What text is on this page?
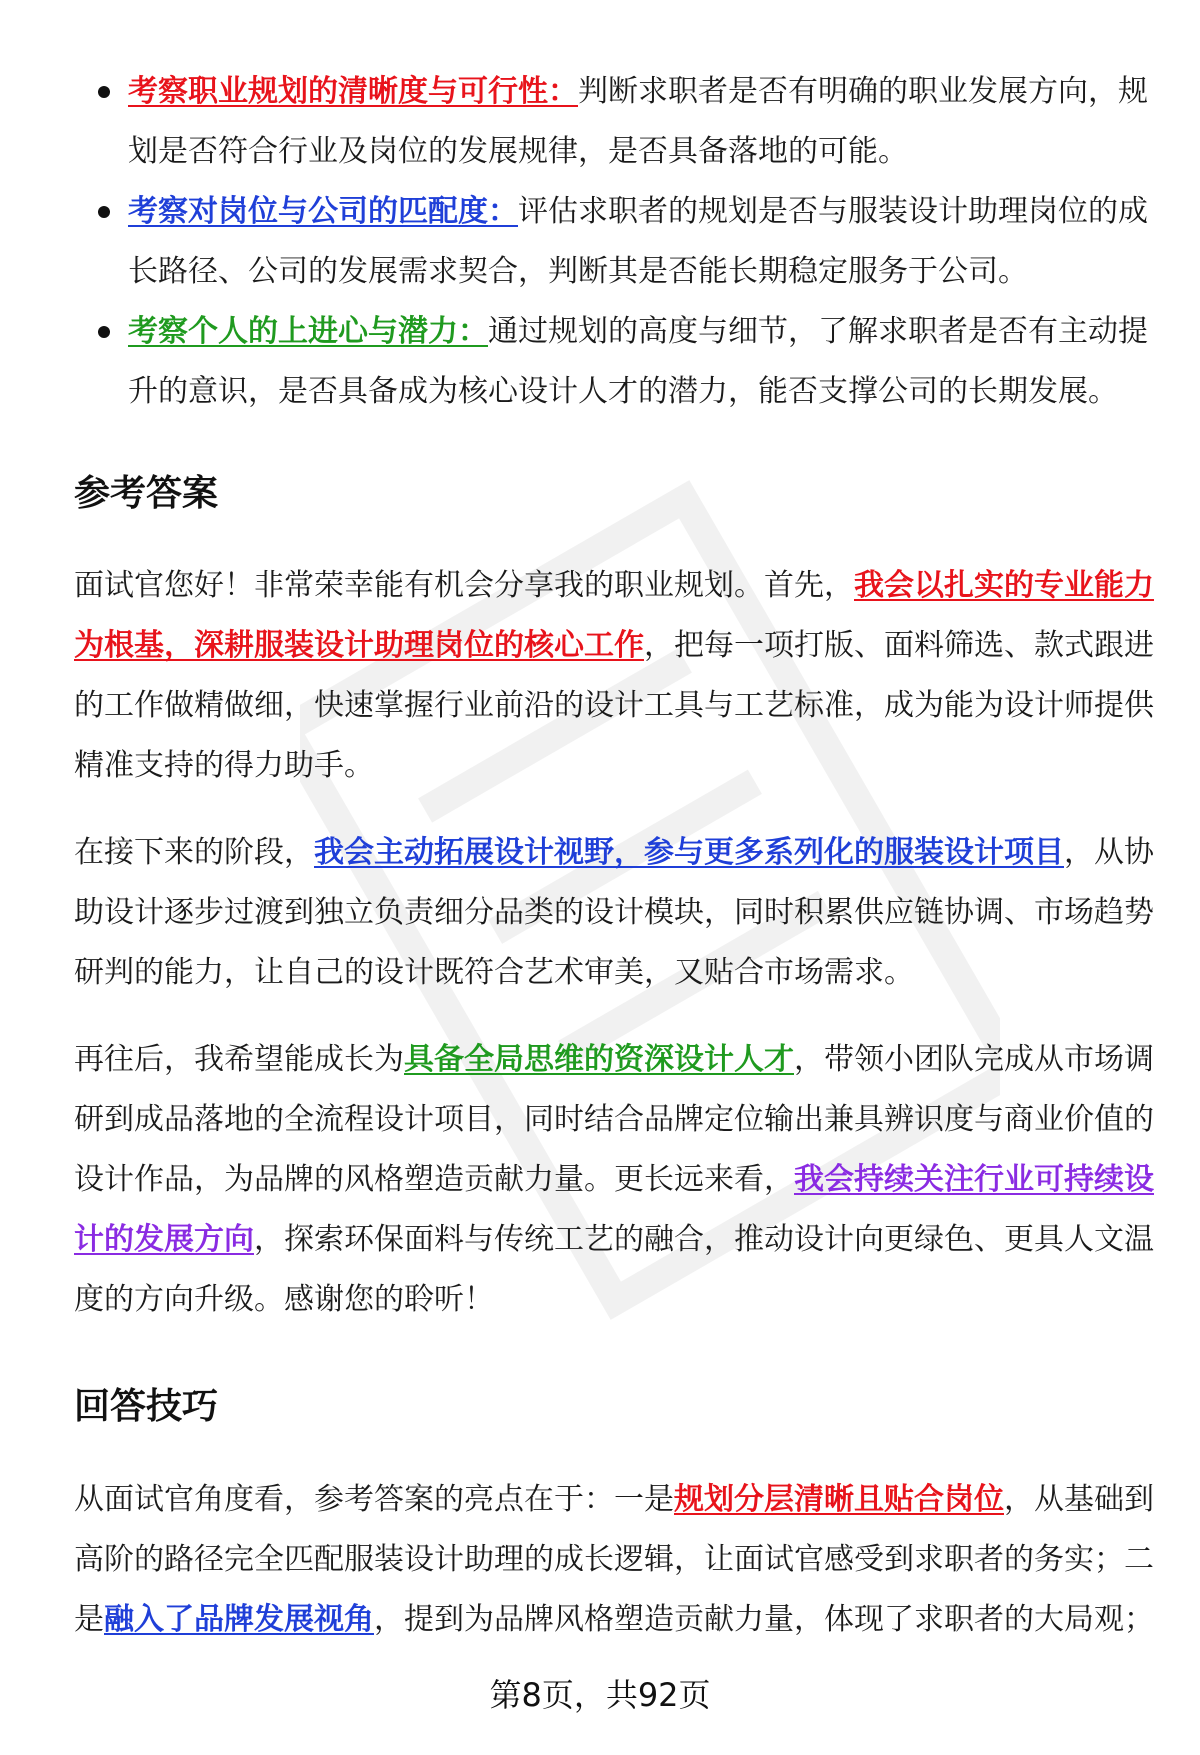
考察职业规划的清晰度与可行性：判断求职者是否有明确的职业发展方向，规划是否符合行业及岗位的发展规律，是否具备落地的可能。
考察对岗位与公司的匹配度：评估求职者的规划是否与服装设计助理岗位的成长路径、公司的发展需求契合，判断其是否能长期稳定服务于公司。
考察个人的上进心与潜力：通过规划的高度与细节，了解求职者是否有主动提升的意识，是否具备成为核心设计人才的潜力，能否支撑公司的长期发展。
参考答案

面试官您好！非常荣幸能有机会分享我的职业规划。首先，我会以扎实的专业能力为根基，深耕服装设计助理岗位的核心工作，把每一项打版、面料筛选、款式跟进的工作做精做细，快速掌握行业前沿的设计工具与工艺标准，成为能为设计师提供精准支持的得力助手。

在接下来的阶段，我会主动拓展设计视野，参与更多系列化的服装设计项目，从协助设计逐步过渡到独立负责细分品类的设计模块，同时积累供应链协调、市场趋势研判的能力，让自己的设计既符合艺术审美，又贴合市场需求。

再往后，我希望能成长为具备全局思维的资深设计人才，带领小团队完成从市场调研到成品落地的全流程设计项目，同时结合品牌定位输出兼具辨识度与商业价值的设计作品，为品牌的风格塑造贡献力量。更长远来看，我会持续关注行业可持续设计的发展方向，探索环保面料与传统工艺的融合，推动设计向更绿色、更具人文温度的方向升级。感谢您的聆听！

回答技巧

从面试官角度看，参考答案的亮点在于：一是规划分层清晰且贴合岗位，从基础到高阶的路径完全匹配服装设计助理的成长逻辑，让面试官感受到求职者的务实；二是融入了品牌发展视角，提到为品牌风格塑造贡献力量，体现了求职者的大局观；

第8页，共92页
